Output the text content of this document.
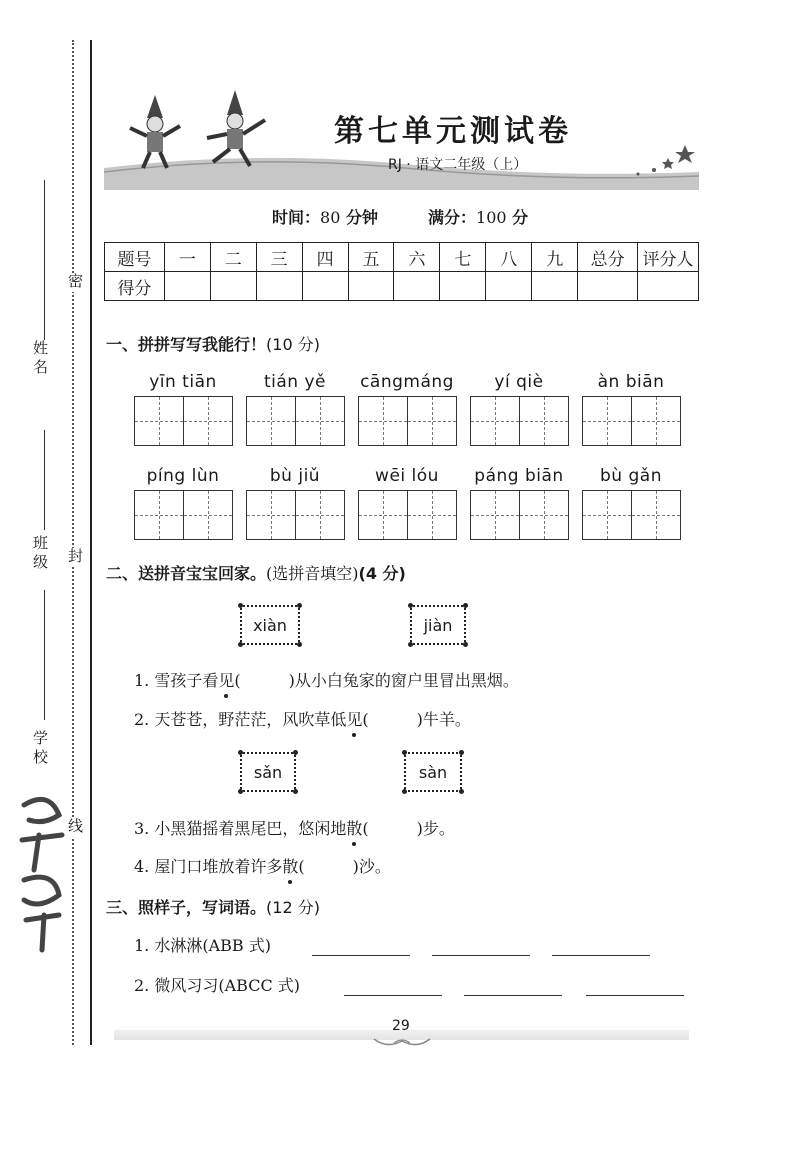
姓名
班级
学校
密
封
线
第七单元测试卷
RJ · 语文二年级（上）
时间：80 分钟	满分：100 分
题号	一	二	三	四	五	六	七	八	九	总分	评分人
得分											
一、拼拼写写我能行！(10 分)
yīn tiān	tián yě	cāngmáng	yí qiè	àn biān
píng lùn	bù jiǔ	wēi lóu	páng biān	bù gǎn
二、送拼音宝宝回家。(选拼音填空)(4 分)
xiàn	jiàn
1. 雪孩子看见(　　　)从小白兔家的窗户里冒出黑烟。
2. 天苍苍，野茫茫，风吹草低见(　　　)牛羊。
sǎn	sàn
3. 小黑猫摇着黑尾巴，悠闲地散(　　　)步。
4. 屋门口堆放着许多散(　　　)沙。
三、照样子，写词语。(12 分)
1. 水淋淋(ABB 式)
2. 微风习习(ABCC 式)
29
